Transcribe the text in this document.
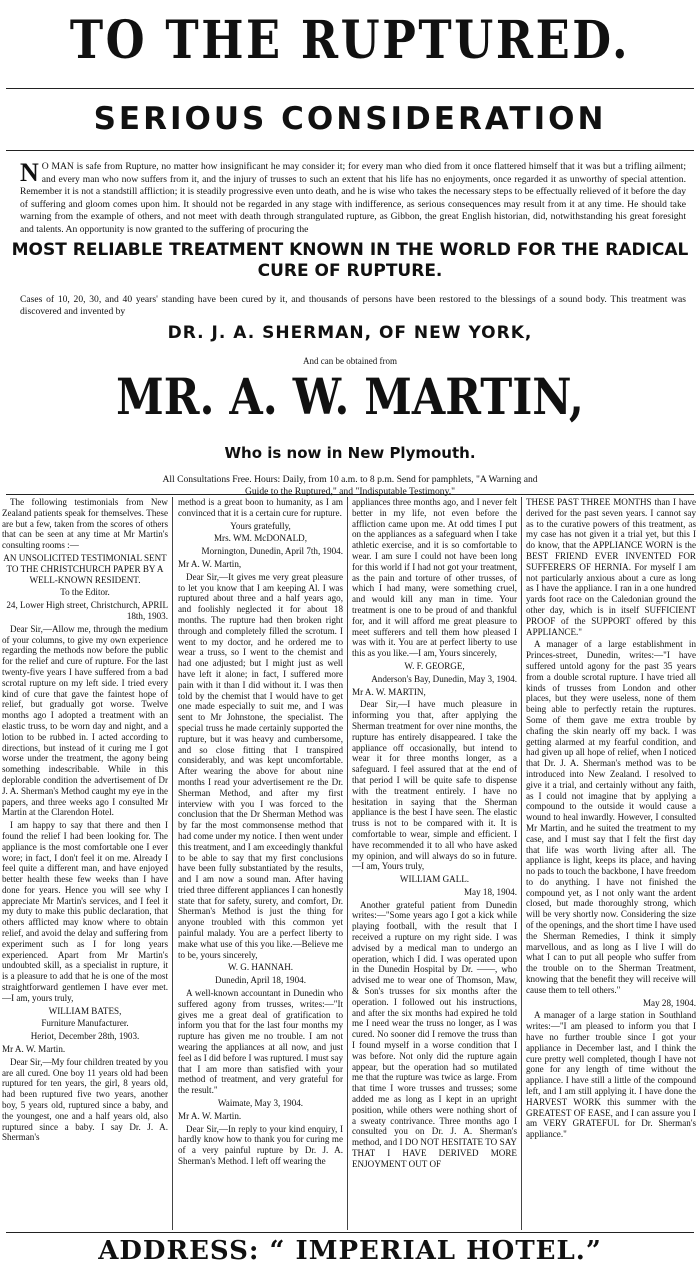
TO THE RUPTURED.
SERIOUS CONSIDERATION
N O MAN is safe from Rupture, no matter how insignificant he may consider it; for every man who died from it once flattered himself that it was but a trifling ailment; and every man who now suffers from it, and the injury of trusses to such an extent that his life has no enjoyments, once regarded it as unworthy of special attention. Remember it is not a standstill affliction; it is steadily progressive even unto death, and he is wise who takes the necessary steps to be effectually relieved of it before the day of suffering and gloom comes upon him. It should not be regarded in any stage with indifference, as serious consequences may result from it at any time. He should take warning from the example of others, and not meet with death through strangulated rupture, as Gibbon, the great English historian, did, notwithstanding his great foresight and talents. An opportunity is now granted to the suffering of procuring the
MOST RELIABLE TREATMENT KNOWN IN THE WORLD FOR THE RADICAL
CURE OF RUPTURE.
Cases of 10, 20, 30, and 40 years' standing have been cured by it, and thousands of persons have been restored to the blessings of a sound body. This treatment was discovered and invented by
DR. J. A. SHERMAN, OF NEW YORK,
And can be obtained from
MR. A. W. MARTIN,
Who is now in New Plymouth.
All Consultations Free. Hours: Daily, from 10 a.m. to 8 p.m. Send for pamphlets, "A Warning and
Guide to the Ruptured," and "Indisputable Testimony."

The following testimonials from New Zealand patients speak for themselves. These are but a few, taken from the scores of others that can be seen at any time at Mr Martin's consulting rooms :—

AN UNSOLICITED TESTIMONIAL SENT TO THE CHRISTCHURCH PAPER BY A WELL-KNOWN RESIDENT.

To the Editor.

24, Lower High street, Christchurch, APRIL 18th, 1903.

Dear Sir,—Allow me, through the medium of your columns, to give my own experience regarding the methods now before the public for the relief and cure of rupture. For the last twenty-five years I have suffered from a bad scrotal rupture on my left side. I tried every kind of cure that gave the faintest hope of relief, but gradually got worse. Twelve months ago I adopted a treatment with an elastic truss, to be worn day and night, and a lotion to be rubbed in. I acted according to directions, but instead of it curing me I got worse under the treatment, the agony being something indescribable. While in this deplorable condition the advertisement of Dr J. A. Sherman's Method caught my eye in the papers, and three weeks ago I consulted Mr Martin at the Clarendon Hotel.

I am happy to say that there and then I found the relief I had been looking for. The appliance is the most comfortable one I ever wore; in fact, I don't feel it on me. Already I feel quite a different man, and have enjoyed better health these few weeks than I have done for years. Hence you will see why I appreciate Mr Martin's services, and I feel it my duty to make this public declaration, that others afflicted may know where to obtain relief, and avoid the delay and suffering from experiment such as I for long years experienced. Apart from Mr Martin's undoubted skill, as a specialist in rupture, it is a pleasure to add that he is one of the most straightforward gentlemen I have ever met.—I am, yours truly,

WILLIAM BATES,

Furniture Manufacturer.

Heriot, December 28th, 1903.

Mr A. W. Martin.

Dear Sir,—My four children treated by you are all cured. One boy 11 years old had been ruptured for ten years, the girl, 8 years old, had been ruptured five two years, another boy, 5 years old, ruptured since a baby, and the youngest, one and a half years old, also ruptured since a baby. I say Dr. J. A. Sherman's

method is a great boon to humanity, as I am convinced that it is a certain cure for rupture.

Yours gratefully,

Mrs. WM. McDONALD,

Mornington, Dunedin, April 7th, 1904.

Mr A. W. Martin,

Dear Sir,—It gives me very great pleasure to let you know that I am keeping Al. I was ruptured about three and a half years ago, and foolishly neglected it for about 18 months. The rupture had then broken right through and completely filled the scrotum. I went to my doctor, and he ordered me to wear a truss, so I went to the chemist and had one adjusted; but I might just as well have left it alone; in fact, I suffered more pain with it than I did without it. I was then told by the chemist that I would have to get one made especially to suit me, and I was sent to Mr Johnstone, the specialist. The special truss he made certainly supported the rupture, but it was heavy and cumbersome, and so close fitting that I transpired considerably, and was kept uncomfortable. After wearing the above for about nine months I read your advertisement re the Dr. Sherman Method, and after my first interview with you I was forced to the conclusion that the Dr Sherman Method was by far the most commonsense method that had come under my notice. I then went under this treatment, and I am exceedingly thankful to be able to say that my first conclusions have been fully substantiated by the results, and I am now a sound man. After having tried three different appliances I can honestly state that for safety, surety, and comfort, Dr. Sherman's Method is just the thing for anyone troubled with this common yet painful malady. You are a perfect liberty to make what use of this you like.—Believe me to be, yours sincerely,

W. G. HANNAH.

Dunedin, April 18, 1904.

A well-known accountant in Dunedin who suffered agony from trusses, writes:—"It gives me a great deal of gratification to inform you that for the last four months my rupture has given me no trouble. I am not wearing the appliances at all now, and just feel as I did before I was ruptured. I must say that I am more than satisfied with your method of treatment, and very grateful for the result."

Waimate, May 3, 1904.

Mr A. W. Martin.

Dear Sir,—In reply to your kind enquiry, I hardly know how to thank you for curing me of a very painful rupture by Dr. J. A. Sherman's Method. I left off wearing the

appliances three months ago, and I never felt better in my life, not even before the affliction came upon me. At odd times I put on the appliances as a safeguard when I take athletic exercise, and it is so comfortable to wear. I am sure I could not have been long for this world if I had not got your treatment, as the pain and torture of other trusses, of which I had many, were something cruel, and would kill any man in time. Your treatment is one to be proud of and thankful for, and it will afford me great pleasure to meet sufferers and tell them how pleased I was with it. You are at perfect liberty to use this as you like.—I am, Yours sincerely,

W. F. GEORGE,

Anderson's Bay, Dunedin, May 3, 1904.

Mr A. W. MARTIN,

Dear Sir,—I have much pleasure in informing you that, after applying the Sherman treatment for over nine months, the rupture has entirely disappeared. I take the appliance off occasionally, but intend to wear it for three months longer, as a safeguard. I feel assured that at the end of that period I will be quite safe to dispense with the treatment entirely. I have no hesitation in saying that the Sherman appliance is the best I have seen. The elastic truss is not to be compared with it. It is comfortable to wear, simple and efficient. I have recommended it to all who have asked my opinion, and will always do so in future.—I am, Yours truly,

WILLIAM GALL.

May 18, 1904.

Another grateful patient from Dunedin writes:—"Some years ago I got a kick while playing football, with the result that I received a rupture on my right side. I was advised by a medical man to undergo an operation, which I did. I was operated upon in the Dunedin Hospital by Dr. ——, who advised me to wear one of Thomson, Maw, & Son's trusses for six months after the operation. I followed out his instructions, and after the six months had expired he told me I need wear the truss no longer, as I was cured. No sooner did I remove the truss than I found myself in a worse condition that I was before. Not only did the rupture again appear, but the operation had so mutilated me that the rupture was twice as large. From that time I wore trusses and trusses; some added me as long as I kept in an upright position, while others were nothing short of a sweaty contrivance. Three months ago I consulted you on Dr. J. A. Sherman's method, and I DO NOT HESITATE TO SAY THAT I HAVE DERIVED MORE ENJOYMENT OUT OF

THESE PAST THREE MONTHS than I have derived for the past seven years. I cannot say as to the curative powers of this treatment, as my case has not given it a trial yet, but this I do know, that the APPLIANCE WORN is the BEST FRIEND EVER INVENTED FOR SUFFERERS OF HERNIA. For myself I am not particularly anxious about a cure as long as I have the appliance. I ran in a one hundred yards foot race on the Caledonian ground the other day, which is in itself SUFFICIENT PROOF of the SUPPORT offered by this APPLIANCE."

A manager of a large establishment in Princes-street, Dunedin, writes:—"I have suffered untold agony for the past 35 years from a double scrotal rupture. I have tried all kinds of trusses from London and other places, but they were useless, none of them being able to perfectly retain the ruptures. Some of them gave me extra trouble by chafing the skin nearly off my back. I was getting alarmed at my fearful condition, and had given up all hope of relief, when I noticed that Dr. J. A. Sherman's method was to be introduced into New Zealand. I resolved to give it a trial, and certainly without any faith, as I could not imagine that by applying a compound to the outside it would cause a wound to heal inwardly. However, I consulted Mr Martin, and he suited the treatment to my case, and I must say that I felt the first day that life was worth living after all. The appliance is light, keeps its place, and having no pads to touch the backbone, I have freedom to do anything. I have not finished the compound yet, as I not only want the ardent closed, but made thoroughly strong, which will be very shortly now. Considering the size of the openings, and the short time I have used the Sherman Remedies, I think it simply marvellous, and as long as I live I will do what I can to put all people who suffer from the trouble on to the Sherman Treatment, knowing that the benefit they will receive will cause them to tell others."

May 28, 1904.

A manager of a large station in Southland writes:—"I am pleased to inform you that I have no further trouble since I got your appliance in December last, and I think the cure pretty well completed, though I have not gone for any length of time without the appliance. I have still a little of the compound left, and I am still applying it. I have done the HARVEST WORK this summer with the GREATEST OF EASE, and I can assure you I am VERY GRATEFUL for Dr. Sherman's appliance."

ADDRESS: “ IMPERIAL HOTEL.”
